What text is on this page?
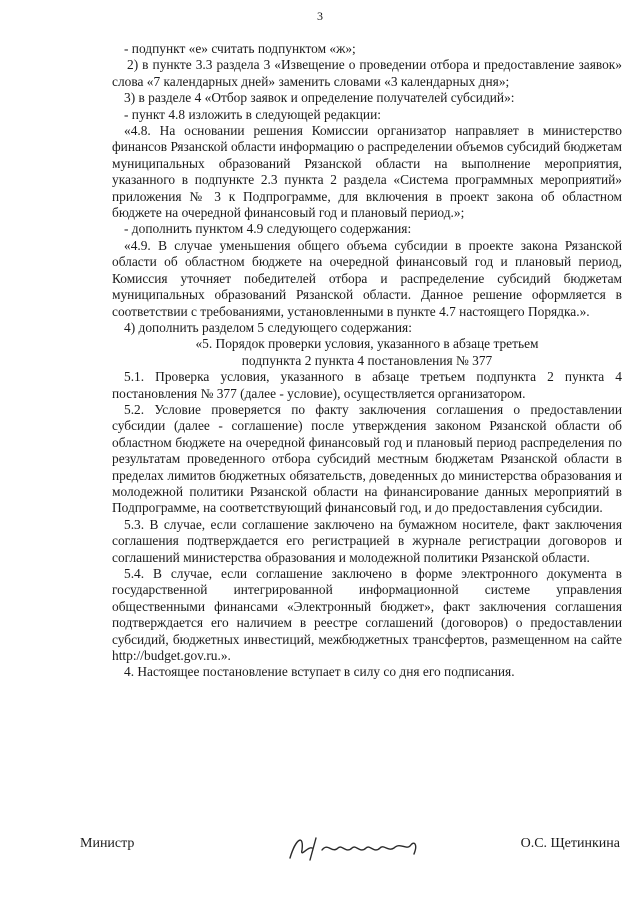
3

- подпункт «е» считать подпунктом «ж»;

2) в пункте 3.3 раздела 3 «Извещение о проведении отбора и предоставление заявок» слова «7 календарных дней» заменить словами «3 календарных дня»;

3) в разделе 4 «Отбор заявок и определение получателей субсидий»:

- пункт 4.8 изложить в следующей редакции:

«4.8. На основании решения Комиссии организатор направляет в министерство финансов Рязанской области информацию о распределении объемов субсидий бюджетам муниципальных образований Рязанской области на выполнение мероприятия, указанного в подпункте 2.3 пункта 2 раздела «Система программных мероприятий» приложения № 3 к Подпрограмме, для включения в проект закона об областном бюджете на очередной финансовый год и плановый период.»;

- дополнить пунктом 4.9 следующего содержания:

«4.9. В случае уменьшения общего объема субсидии в проекте закона Рязанской области об областном бюджете на очередной финансовый год и плановый период, Комиссия уточняет победителей отбора и распределение субсидий бюджетам муниципальных образований Рязанской области. Данное решение оформляется в соответствии с требованиями, установленными в пункте 4.7 настоящего Порядка.».

4) дополнить разделом 5 следующего содержания:

«5. Порядок проверки условия, указанного в абзаце третьем

подпункта 2 пункта 4 постановления № 377

5.1. Проверка условия, указанного в абзаце третьем подпункта 2 пункта 4 постановления № 377 (далее - условие), осуществляется организатором.

5.2. Условие проверяется по факту заключения соглашения о предоставлении субсидии (далее - соглашение) после утверждения законом Рязанской области об областном бюджете на очередной финансовый год и плановый период распределения по результатам проведенного отбора субсидий местным бюджетам Рязанской области в пределах лимитов бюджетных обязательств, доведенных до министерства образования и молодежной политики Рязанской области на финансирование данных мероприятий в Подпрограмме, на соответствующий финансовый год, и до предоставления субсидии.

5.3. В случае, если соглашение заключено на бумажном носителе, факт заключения соглашения подтверждается его регистрацией в журнале регистрации договоров и соглашений министерства образования и молодежной политики Рязанской области.

5.4. В случае, если соглашение заключено в форме электронного документа в государственной интегрированной информационной системе управления общественными финансами «Электронный бюджет», факт заключения соглашения подтверждается его наличием в реестре соглашений (договоров) о предоставлении субсидий, бюджетных инвестиций, межбюджетных трансфертов, размещенном на сайте http://budget.gov.ru.».

4. Настоящее постановление вступает в силу со дня его подписания.

Министр	О.С. Щетинкина
